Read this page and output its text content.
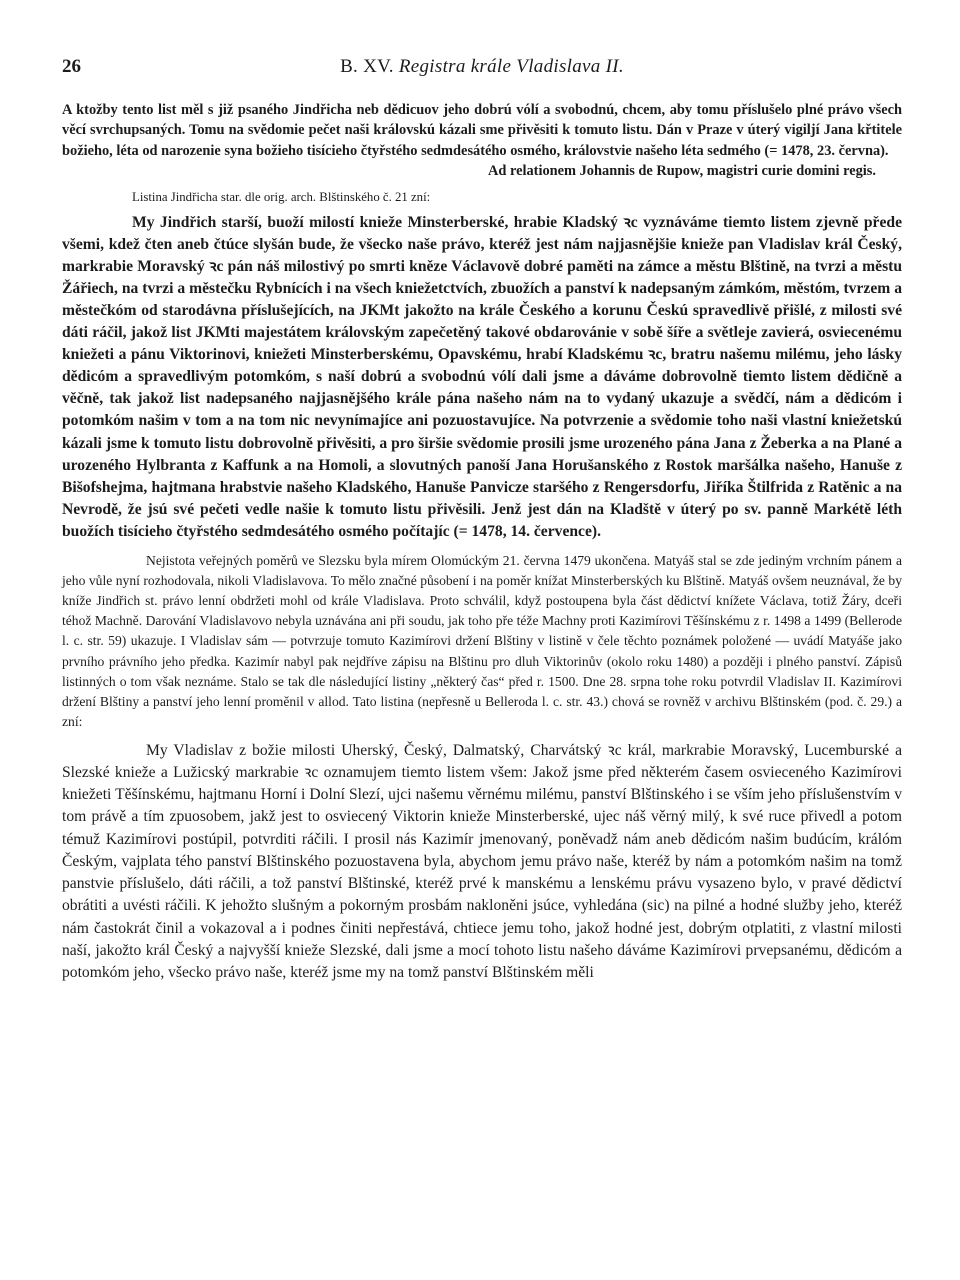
26	B. XV. Registra krále Vladislava II.

A ktožby tento list měl s již psaného Jindřicha neb dědicuov jeho dobrú vólí a svobodnú, chcem, aby tomu příslušelo plné právo všech věcí svrchupsaných. Tomu na svědomie pečet naši královskú kázali sme přivěsiti k tomuto listu. Dán v Praze v úterý vigiljí Jana křtitele božieho, léta od narozenie syna božieho tisícieho čtyřstého sedmdesátého osmého, královstvie našeho léta sedmého (= 1478, 23. června).

Ad relationem Johannis de Rupow, magistri curie domini regis.

Listina Jindřicha star. dle orig. arch. Blštinského č. 21 zní:

My Jindřich starší, buoží milostí knieže Minsterberské, hrabie Kladský ꝛc vyznáváme tiemto listem zjevně přede všemi, kdež čten aneb čtúce slyšán bude, že všecko naše právo, kteréž jest nám najjasnějšie knieže pan Vladislav král Český, markrabie Moravský ꝛc pán náš milostivý po smrti kněze Václavově dobré paměti na zámce a městu Blštině, na tvrzi a městu Žářiech, na tvrzi a městečku Rybnících i na všech kniežetctvích, zbuožích a panství k nadepsaným zámkóm, městóm, tvrzem a městečkóm od starodávna příslušejících, na JKMt jakožto na krále Českého a korunu Českú spravedlivě přišlé, z milosti své dáti ráčil, jakož list JKMti majestátem královským zapečetěný takové obdarovánie v sobě šíře a světleje zavierá, osviecenému kniežeti a pánu Viktorinovi, kniežeti Minsterberskému, Opavskému, hrabí Kladskému ꝛc, bratru našemu milému, jeho lásky dědicóm a spravedlivým potomkóm, s naší dobrú a svobodnú vólí dali jsme a dáváme dobrovolně tiemto listem dědičně a věčně, tak jakož list nadepsaného najjasnějšého krále pána našeho nám na to vydaný ukazuje a svědčí, nám a dědicóm i potomkóm našim v tom a na tom nic nevynímajíce ani pozuostavujíce. Na potvrzenie a svědomie toho naši vlastní kniežetskú kázali jsme k tomuto listu dobrovolně přivěsiti, a pro širšie svědomie prosili jsme urozeného pána Jana z Žeberka a na Plané a urozeného Hylbranta z Kaffunk a na Homoli, a slovutných panoší Jana Horušanského z Rostok maršálka našeho, Hanuše z Bišofshejma, hajtmana hrabstvie našeho Kladského, Hanuše Panvicze staršého z Rengersdorfu, Jiříka Štilfrida z Ratěnic a na Nevrodě, že jsú své pečeti vedle našie k tomuto listu přivěsili. Jenž jest dán na Kladště v úterý po sv. panně Markétě léth buožích tisícieho čtyřstého sedmdesátého osmého počítajíc (= 1478, 14. července).

Nejistota veřejných poměrů ve Slezsku byla mírem Olomúckým 21. června 1479 ukončena. Matyáš stal se zde jediným vrchním pánem a jeho vůle nyní rozhodovala, nikoli Vladislavova. To mělo značné působení i na poměr knížat Minsterberských ku Blštině. Matyáš ovšem neuznával, že by kníže Jindřich st. právo lenní obdržeti mohl od krále Vladislava. Proto schválil, když postoupena byla část dědictví knížete Václava, totiž Žáry, dceři téhož Machně. Darování Vladislavovo nebyla uznávána ani při soudu, jak toho pře téže Machny proti Kazimírovi Těšínskému z r. 1498 a 1499 (Bellerode l. c. str. 59) ukazuje. I Vladislav sám — potvrzuje tomuto Kazimírovi držení Blštiny v listině v čele těchto poznámek položené — uvádí Matyáše jako prvního právního jeho předka. Kazimír nabyl pak nejdříve zápisu na Blštinu pro dluh Viktorinův (okolo roku 1480) a později i plného panství. Zápisů listinných o tom však neznáme. Stalo se tak dle následující listiny „některý čas“ před r. 1500. Dne 28. srpna tohe roku potvrdil Vladislav II. Kazimírovi držení Blštiny a panství jeho lenní proměnil v allod. Tato listina (nepřesně u Belleroda l. c. str. 43.) chová se rovněž v archivu Blštinském (pod. č. 29.) a zní:

My Vladislav z božie milosti Uherský, Český, Dalmatský, Charvátský ꝛc král, markrabie Moravský, Lucemburské a Slezské knieže a Lužicský markrabie ꝛc oznamujem tiemto listem všem: Jakož jsme před některém časem osvieceného Kazimírovi kniežeti Těšínskému, hajtmanu Horní i Dolní Slezí, ujci našemu věrnému milému, panství Blštinského i se vším jeho příslušenstvím v tom právě a tím zpuosobem, jakž jest to osviecený Viktorin knieže Minsterberské, ujec náš věrný milý, k své ruce přivedl a potom témuž Kazimírovi postúpil, potvrditi ráčili. I prosil nás Kazimír jmenovaný, poněvadž nám aneb dědicóm našim budúcím, králóm Českým, vajplata tého panství Blštinského pozuostavena byla, abychom jemu právo naše, kteréž by nám a potomkóm našim na tomž panstvie příslušelo, dáti ráčili, a tož panství Blštinské, kteréž prvé k manskému a lenskému právu vysazeno bylo, v pravé dědictví obrátiti a uvésti ráčili. K jehožto slušným a pokorným prosbám nakloněni jsúce, vyhledána (sic) na pilné a hodné služby jeho, kteréž nám častokrát činil a vokazoval a i podnes činiti nepřestává, chtiece jemu toho, jakož hodné jest, dobrým otplatiti, z vlastní milosti naší, jakožto král Český a najvyšší knieže Slezské, dali jsme a mocí tohoto listu našeho dáváme Kazimírovi prvepsanému, dědicóm a potomkóm jeho, všecko právo naše, kteréž jsme my na tomž panství Blštinském měli
